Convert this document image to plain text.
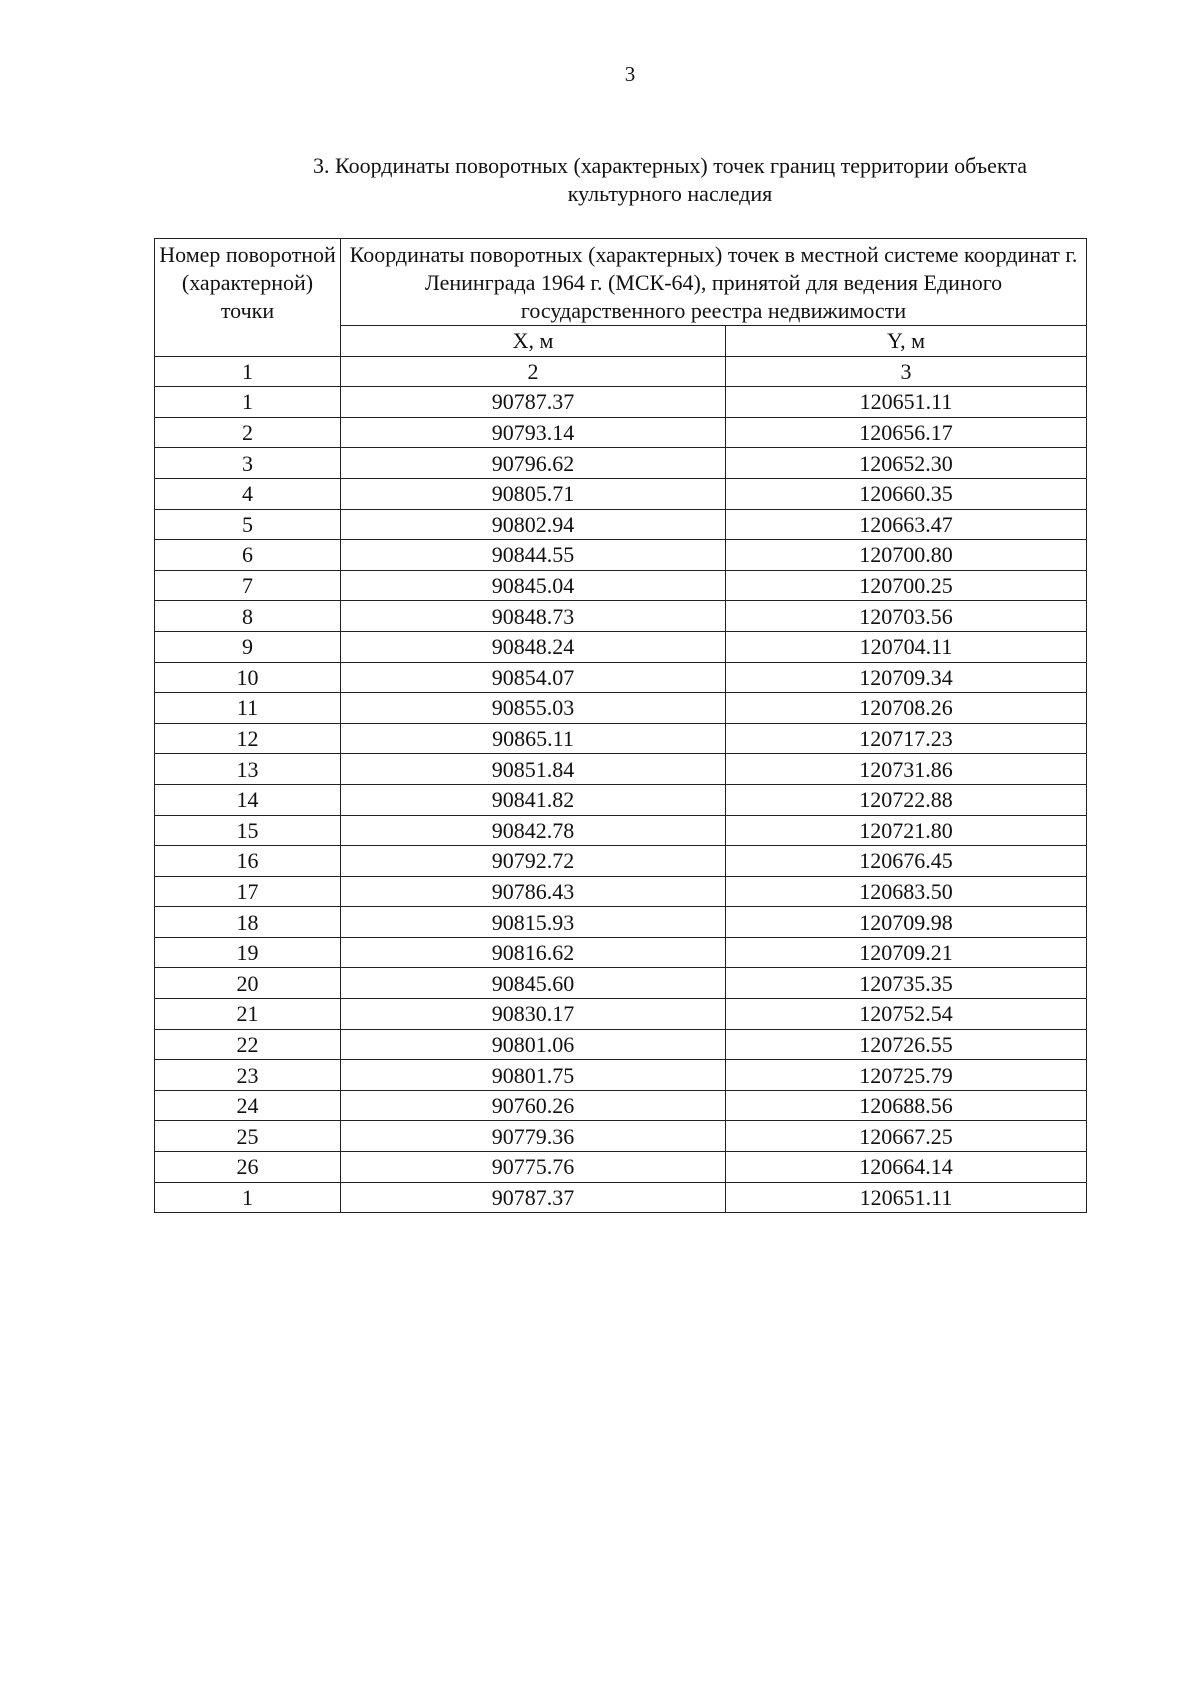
3
3. Координаты поворотных (характерных) точек границ территории объекта
культурного наследия
Номер поворотной (характерной) точки	Координаты поворотных (характерных) точек в местной системе координат г. Ленинграда 1964 г. (МСК-64), принятой для ведения Единого государственного реестра недвижимости	
	X, м	Y, м
1	2	3
1	90787.37	120651.11
2	90793.14	120656.17
3	90796.62	120652.30
4	90805.71	120660.35
5	90802.94	120663.47
6	90844.55	120700.80
7	90845.04	120700.25
8	90848.73	120703.56
9	90848.24	120704.11
10	90854.07	120709.34
11	90855.03	120708.26
12	90865.11	120717.23
13	90851.84	120731.86
14	90841.82	120722.88
15	90842.78	120721.80
16	90792.72	120676.45
17	90786.43	120683.50
18	90815.93	120709.98
19	90816.62	120709.21
20	90845.60	120735.35
21	90830.17	120752.54
22	90801.06	120726.55
23	90801.75	120725.79
24	90760.26	120688.56
25	90779.36	120667.25
26	90775.76	120664.14
1	90787.37	120651.11
